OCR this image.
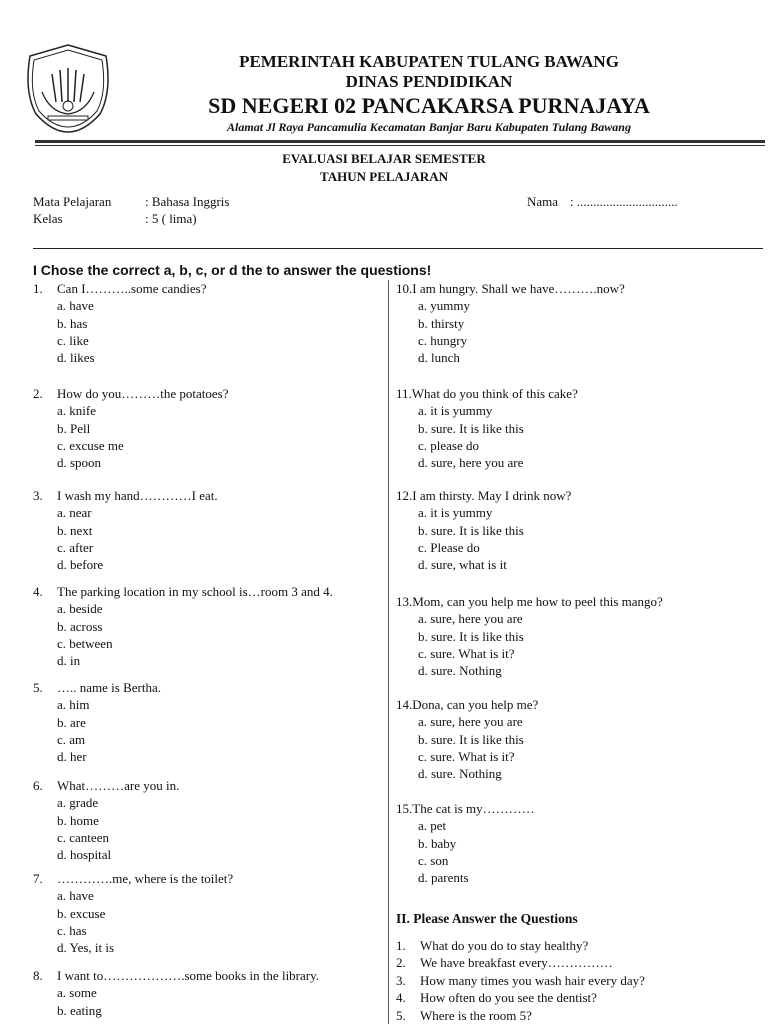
PEMERINTAH KABUPATEN TULANG BAWANG
DINAS PENDIDIKAN
SD NEGERI 02 PANCAKARSA PURNAJAYA
Alamat Jl Raya Pancamulia Kecamatan Banjar Baru Kabupaten Tulang Bawang
EVALUASI BELAJAR SEMESTER
TAHUN PELAJARAN
Mata Pelajaran	: Bahasa Inggris
Kelas	: 5 ( lima)
Nama : ...............................
I Chose the correct a, b, c, or d the to answer the questions!
1.	Can I………..some candies?
a. have
b. has
c. like
d. likes
2.	How do you………the potatoes?
a. knife
b. Pell
c. excuse me
d. spoon
3.	I wash my hand…………I eat.
a. near
b. next
c. after
d. before
4.	The parking location in my school is…room 3 and 4.
a. beside
b. across
c. between
d. in
5.	….. name is Bertha.
a. him
b. are
c. am
d. her
6.	What………are you in.
a. grade
b. home
c. canteen
d. hospital
7.	………….me, where is the toilet?
a. have
b. excuse
c. has
d. Yes, it is
8.	I want to……………….some books in the library.
a. some
b. eating
10. I am hungry. Shall we have……….now?
a. yummy
b. thirsty
c. hungry
d. lunch
11. What do you think of this cake?
a. it is yummy
b. sure. It is like this
c. please do
d. sure, here you are
12. I am thirsty. May I drink now?
a. it is yummy
b. sure. It is like this
c. Please do
d. sure, what is it
13. Mom, can you help me how to peel this mango?
a. sure, here you are
b. sure. It is like this
c. sure. What is it?
d. sure. Nothing
14. Dona, can you help me?
a. sure, here you are
b. sure. It is like this
c. sure. What is it?
d. sure. Nothing
15. The cat is my…………
a. pet
b. baby
c. son
d. parents
II. Please Answer the Questions
1.	What do you do to stay healthy?
2.	We have breakfast every……………
3.	How many times you wash hair every day?
4.	How often do you see the dentist?
5.	Where is the room 5?
